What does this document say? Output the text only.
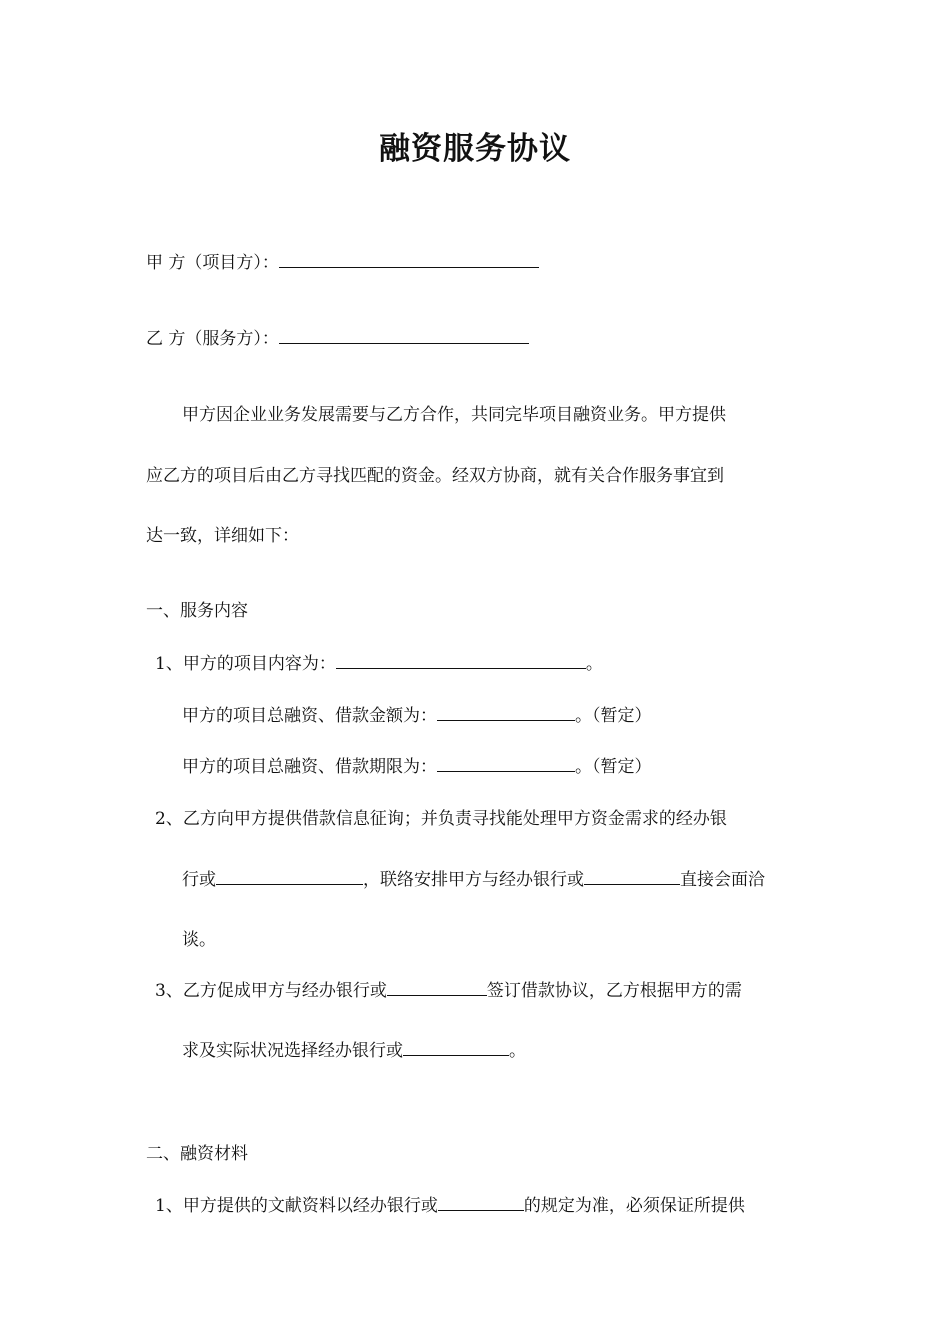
融资服务协议
甲 方（项目方）：
乙 方（服务方）：
甲方因企业业务发展需要与乙方合作，共同完毕项目融资业务。甲方提供
应乙方的项目后由乙方寻找匹配的资金。经双方协商，就有关合作服务事宜到
达一致，详细如下：
一、服务内容
1、甲方的项目内容为：	。
甲方的项目总融资、借款金额为：	。（暂定）
甲方的项目总融资、借款期限为：	。（暂定）
2、乙方向甲方提供借款信息征询；并负责寻找能处理甲方资金需求的经办银
行或	，联络安排甲方与经办银行或	直接会面洽
谈。
3、乙方促成甲方与经办银行或	签订借款协议，乙方根据甲方的需
求及实际状况选择经办银行或	。
二、融资材料
1、甲方提供的文献资料以经办银行或	的规定为准，必须保证所提供
